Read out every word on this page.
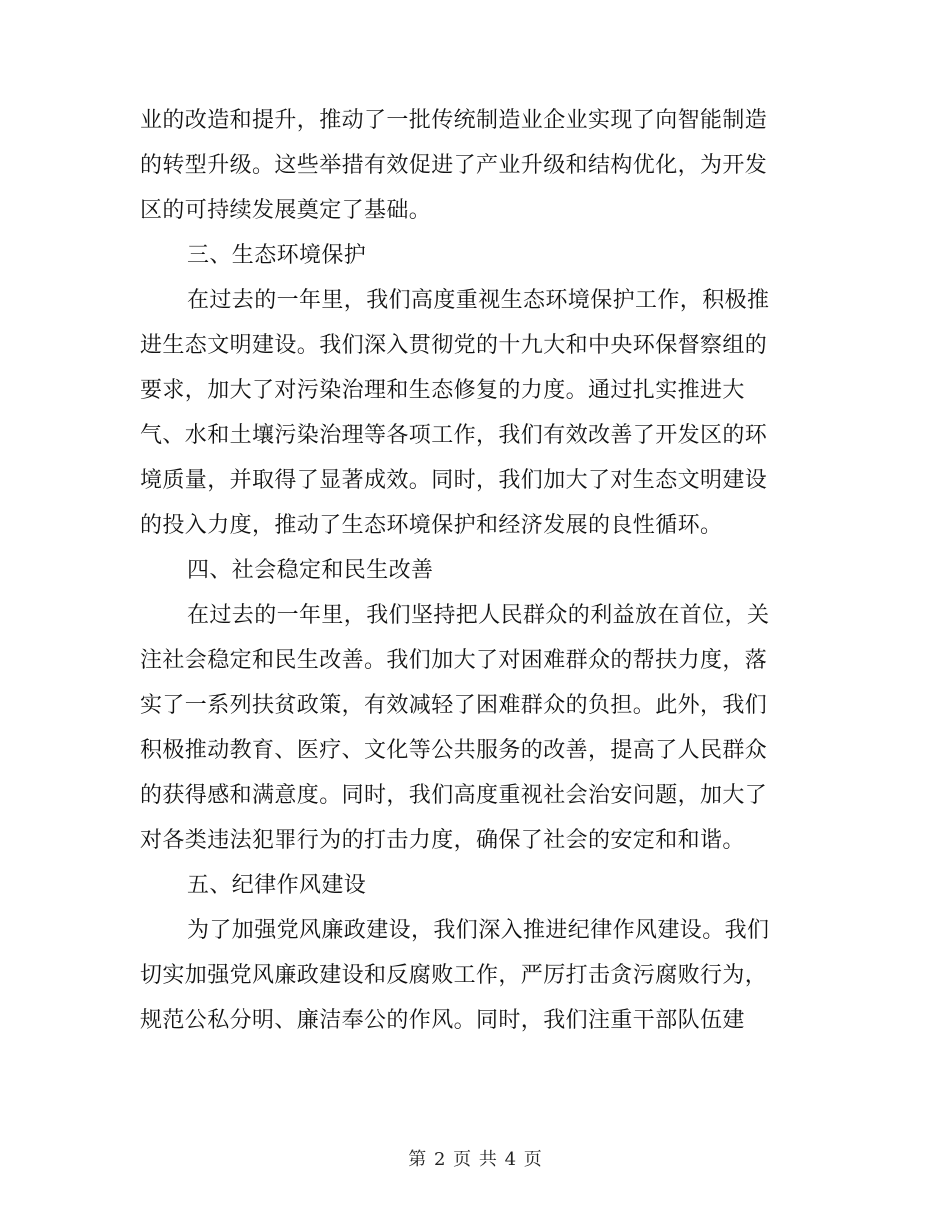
业的改造和提升，推动了一批传统制造业企业实现了向智能制造
的转型升级。这些举措有效促进了产业升级和结构优化，为开发
区的可持续发展奠定了基础。
三、生态环境保护
在过去的一年里，我们高度重视生态环境保护工作，积极推
进生态文明建设。我们深入贯彻党的十九大和中央环保督察组的
要求，加大了对污染治理和生态修复的力度。通过扎实推进大
气、水和土壤污染治理等各项工作，我们有效改善了开发区的环
境质量，并取得了显著成效。同时，我们加大了对生态文明建设
的投入力度，推动了生态环境保护和经济发展的良性循环。
四、社会稳定和民生改善
在过去的一年里，我们坚持把人民群众的利益放在首位，关
注社会稳定和民生改善。我们加大了对困难群众的帮扶力度，落
实了一系列扶贫政策，有效减轻了困难群众的负担。此外，我们
积极推动教育、医疗、文化等公共服务的改善，提高了人民群众
的获得感和满意度。同时，我们高度重视社会治安问题，加大了
对各类违法犯罪行为的打击力度，确保了社会的安定和和谐。
五、纪律作风建设
为了加强党风廉政建设，我们深入推进纪律作风建设。我们
切实加强党风廉政建设和反腐败工作，严厉打击贪污腐败行为，
规范公私分明、廉洁奉公的作风。同时，我们注重干部队伍建
第 2 页 共 4 页
